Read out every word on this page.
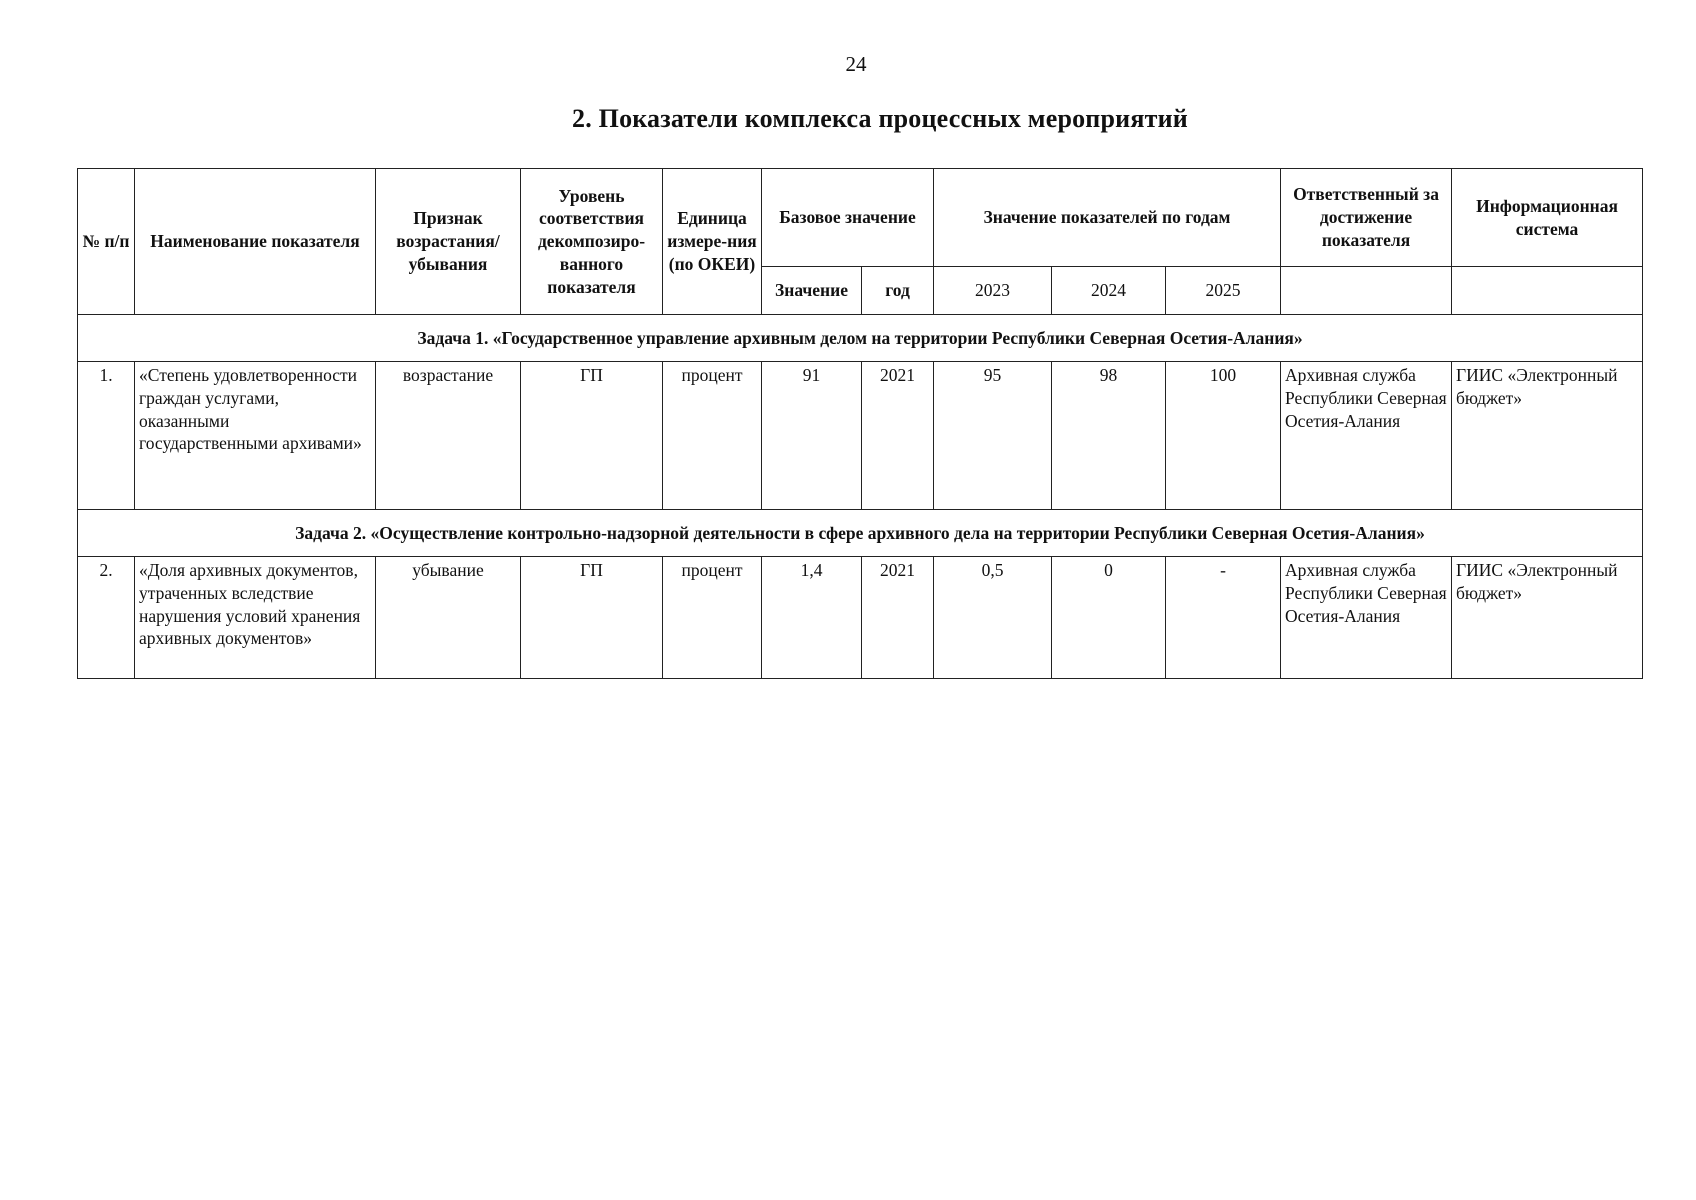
24
2. Показатели комплекса процессных мероприятий
№ п/п	Наименование показателя	Признак возрастания/ убывания	Уровень соответствия декомпозиро-ванного показателя	Единица измере-ния (по ОКЕИ)	Базовое значение		Значение показателей по годам			Ответственный за достижение показателя	Информационная система
					Значение	год	2023	2024	2025		
Задача 1. «Государственное управление архивным делом на территории Республики Северная Осетия-Алания»											
1.	«Степень удовлетворенности граждан услугами, оказанными государственными архивами»	возрастание	ГП	процент	91	2021	95	98	100	Архивная служба Республики Северная Осетия-Алания	ГИИС «Электронный бюджет»
Задача 2. «Осуществление контрольно-надзорной деятельности в сфере архивного дела на территории Республики Северная Осетия-Алания»											
2.	«Доля архивных документов, утраченных вследствие нарушения условий хранения архивных документов»	убывание	ГП	процент	1,4	2021	0,5	0	-	Архивная служба Республики Северная Осетия-Алания	ГИИС «Электронный бюджет»
